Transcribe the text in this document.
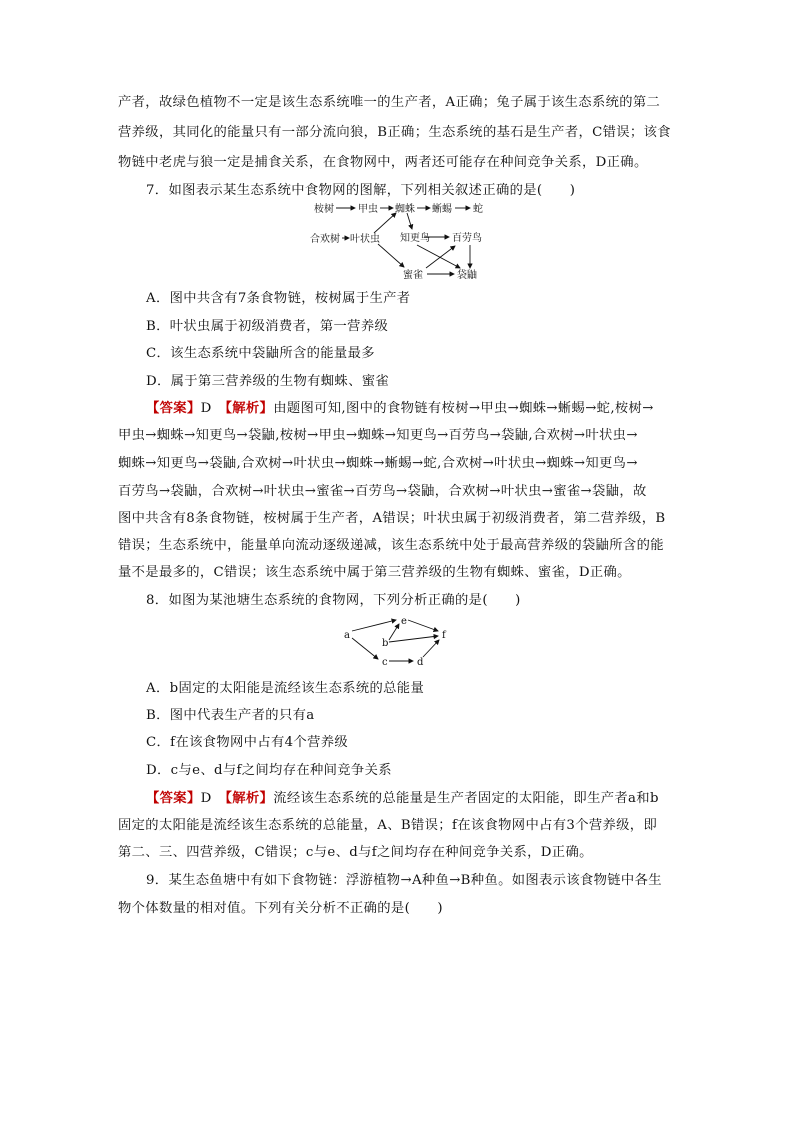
产者，故绿色植物不一定是该生态系统唯一的生产者，A正确；兔子属于该生态系统的第二
营养级，其同化的能量只有一部分流向狼，B正确；生态系统的基石是生产者，C错误；该食
物链中老虎与狼一定是捕食关系，在食物网中，两者还可能存在种间竞争关系，D正确。
7．如图表示某生态系统中食物网的图解，下列相关叙述正确的是(　　)
桉树 甲虫 蜘蛛 蜥蜴 蛇
合欢树 叶状虫 知更鸟 百劳鸟
蜜雀	袋鼬
A．图中共含有7条食物链，桉树属于生产者
B．叶状虫属于初级消费者，第一营养级
C．该生态系统中袋鼬所含的能量最多
D．属于第三营养级的生物有蜘蛛、蜜雀
【答案】D　 【解析】由题图可知,图中的食物链有桉树→甲虫→蜘蛛→蜥蜴→蛇,桉树→
甲虫→蜘蛛→知更鸟→袋鼬,桉树→甲虫→蜘蛛→知更鸟→百劳鸟→袋鼬,合欢树→叶状虫→
蜘蛛→知更鸟→袋鼬,合欢树→叶状虫→蜘蛛→蜥蜴→蛇,合欢树→叶状虫→蜘蛛→知更鸟→
百劳鸟→袋鼬，合欢树→叶状虫→蜜雀→百劳鸟→袋鼬，合欢树→叶状虫→蜜雀→袋鼬，故
图中共含有8条食物链，桉树属于生产者，A错误；叶状虫属于初级消费者，第二营养级，B
错误；生态系统中，能量单向流动逐级递减，该生态系统中处于最高营养级的袋鼬所含的能
量不是最多的，C错误；该生态系统中属于第三营养级的生物有蜘蛛、蜜雀，D正确。
8．如图为某池塘生态系统的食物网，下列分析正确的是(　　)
a
e
b
f
c	d
A．b固定的太阳能是流经该生态系统的总能量
B．图中代表生产者的只有a
C．f在该食物网中占有4个营养级
D．c与e、d与f之间均存在种间竞争关系
【答案】D　 【解析】流经该生态系统的总能量是生产者固定的太阳能，即生产者a和b
固定的太阳能是流经该生态系统的总能量，A、B错误；f在该食物网中占有3个营养级，即
第二、三、四营养级，C错误；c与e、d与f之间均存在种间竞争关系，D正确。
9．某生态鱼塘中有如下食物链：浮游植物→A种鱼→B种鱼。如图表示该食物链中各生
物个体数量的相对值。下列有关分析不正确的是(　　)
